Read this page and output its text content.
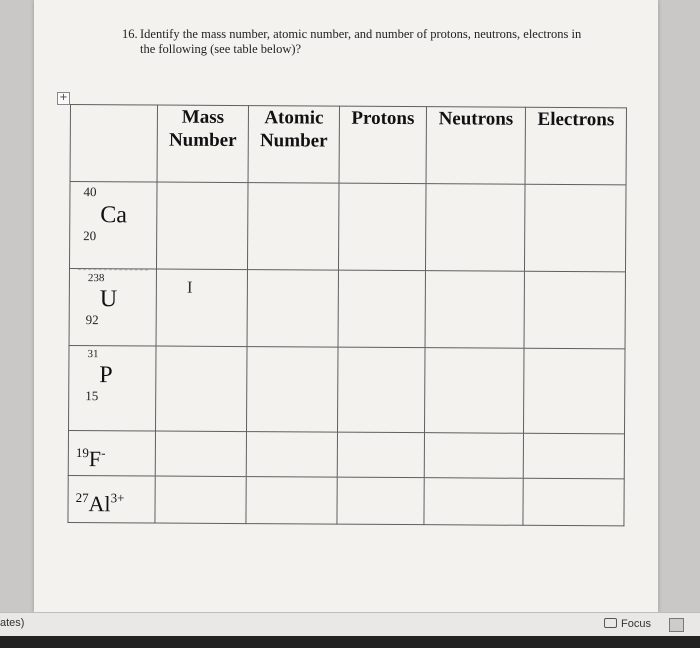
16. Identify the mass number, atomic number, and number of protons, neutrons, electrons in
the following (see table below)?
+
	Mass Number	Atomic Number	Protons	Neutrons	Electrons

40
Ca
20					

238
U
92	I				

31
P
15					

$^{19}$F-

$^{27}Al^{3+}$

ates)	Focus
